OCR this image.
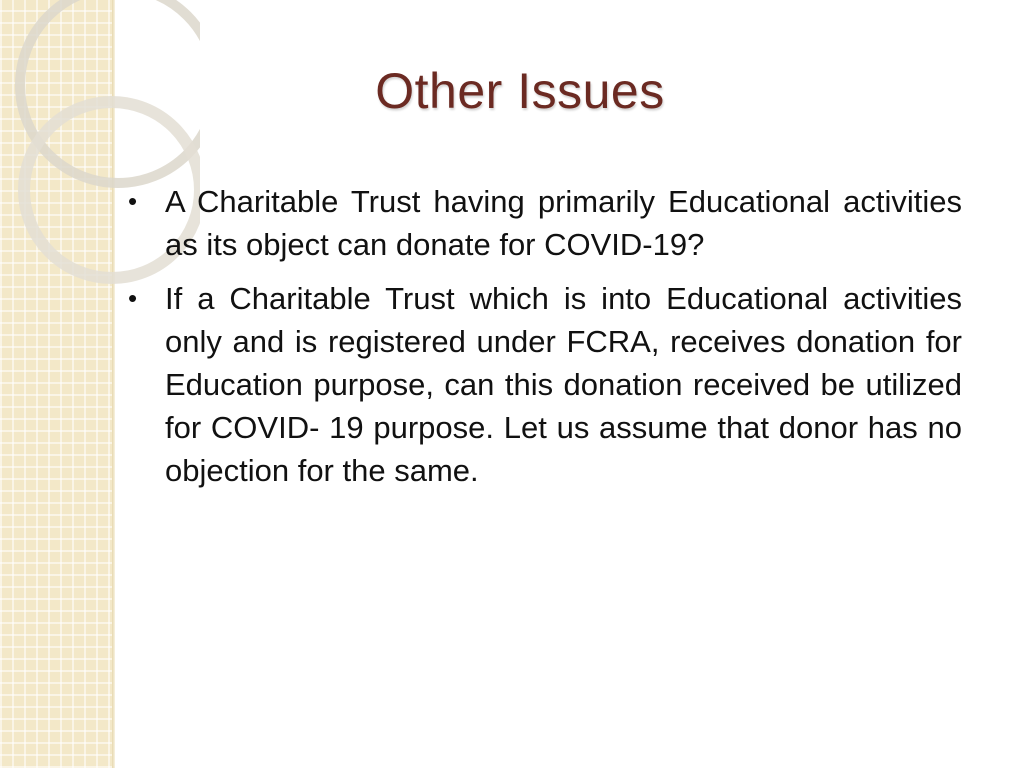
Other Issues
• A Charitable Trust having primarily Educational activities as its object can donate for COVID-19?
• If a Charitable Trust which is into Educational activities only and is registered under FCRA, receives donation for Education purpose, can this donation received be utilized for COVID- 19 purpose. Let us assume that donor has no objection for the same.
